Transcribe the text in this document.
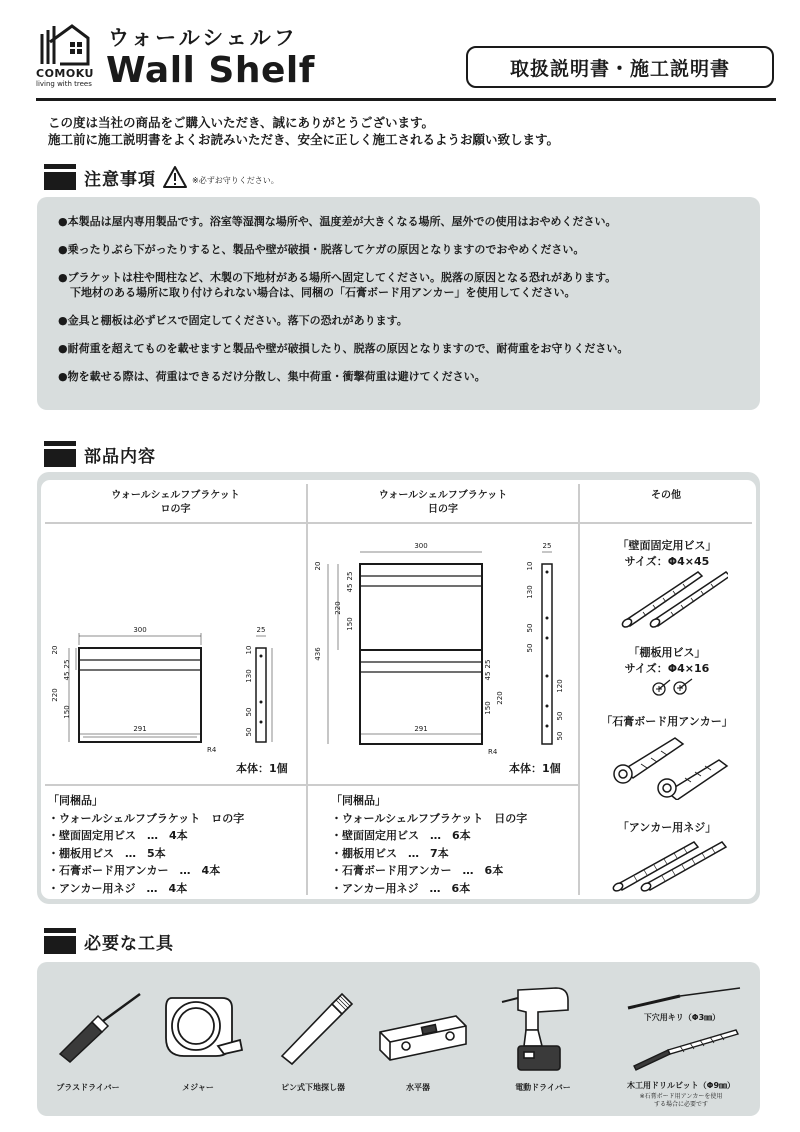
COMOKU
living with trees
ウォールシェルフ
Wall Shelf	取扱説明書・施工説明書
この度は当社の商品をご購入いただき、誠にありがとうございます。
施工前に施工説明書をよくお読みいただき、安全に正しく施工されるようお願い致します。
注意事項	※必ずお守りください。
●本製品は屋内専用製品です。浴室等湿潤な場所や、温度差が大きくなる場所、屋外での使用はおやめください。
●乗ったりぶら下がったりすると、製品や壁が破損・脱落してケガの原因となりますのでおやめください。
●ブラケットは柱や間柱など、木製の下地材がある場所へ固定してください。脱落の原因となる恐れがあります。
下地材のある場所に取り付けられない場合は、同梱の「石膏ボード用アンカー」を使用してください。
●金具と棚板は必ずビスで固定してください。落下の恐れがあります。
●耐荷重を超えてものを載せますと製品や壁が破損したり、脱落の原因となりますので、耐荷重をお守りください。
●物を載せる際は、荷重はできるだけ分散し、集中荷重・衝撃荷重は避けてください。
部品内容
ウォールシェルフブラケット
ロの字
ウォールシェルフブラケット
日の字
その他
300
291
220
20
25
45
150
25
10
130
50
50
R4
本体：1個
300
291
436
20
220
25
45
150
220
25
45
150
25
10
130
50
50
120
50
50
R4
本体：1個
「同梱品」
・ウォールシェルフブラケット　ロの字
・壁面固定用ビス　…　4本
・棚板用ビス　…　5本
・石膏ボード用アンカー　…　4本
・アンカー用ネジ　…　4本
「同梱品」
・ウォールシェルフブラケット　日の字
・壁面固定用ビス　…　6本
・棚板用ビス　…　7本
・石膏ボード用アンカー　…　6本
・アンカー用ネジ　…　6本
「壁面固定用ビス」
サイズ：Φ4×45
「棚板用ビス」
サイズ：Φ4×16
「石膏ボード用アンカー」
「アンカー用ネジ」
必要な工具
プラスドライバー	メジャー	ピン式下地探し器	水平器	電動ドライバー
下穴用キリ（Φ3㎜）
木工用ドリルビット（Φ9㎜）
※石膏ボード用アンカーを使用
する場合に必要です
